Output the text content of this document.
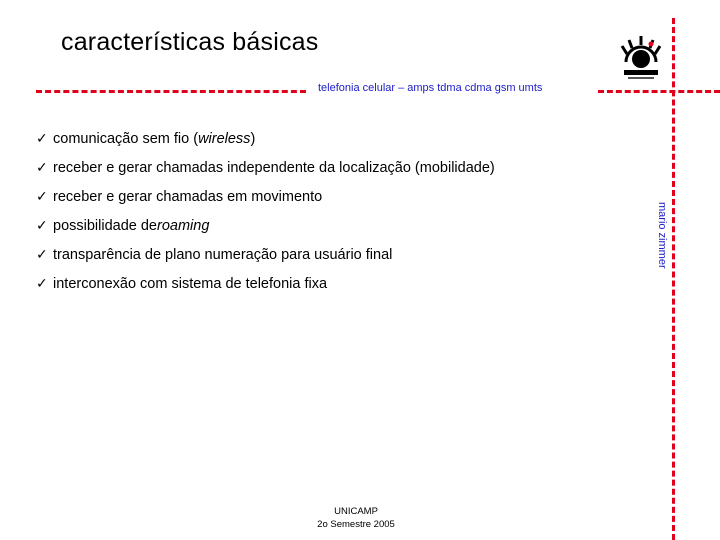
características básicas
telefonia celular – amps tdma cdma gsm umts
mario zimmer
✓ comunicação sem fio ( wireless )
✓ receber e gerar chamadas independente da localização (mobilidade)
✓ receber e gerar chamadas em movimento
✓ possibilidade de roaming
✓ transparência de plano numeração para usuário final
✓ interconexão com sistema de telefonia fixa
UNICAMP
2o Semestre 2005
